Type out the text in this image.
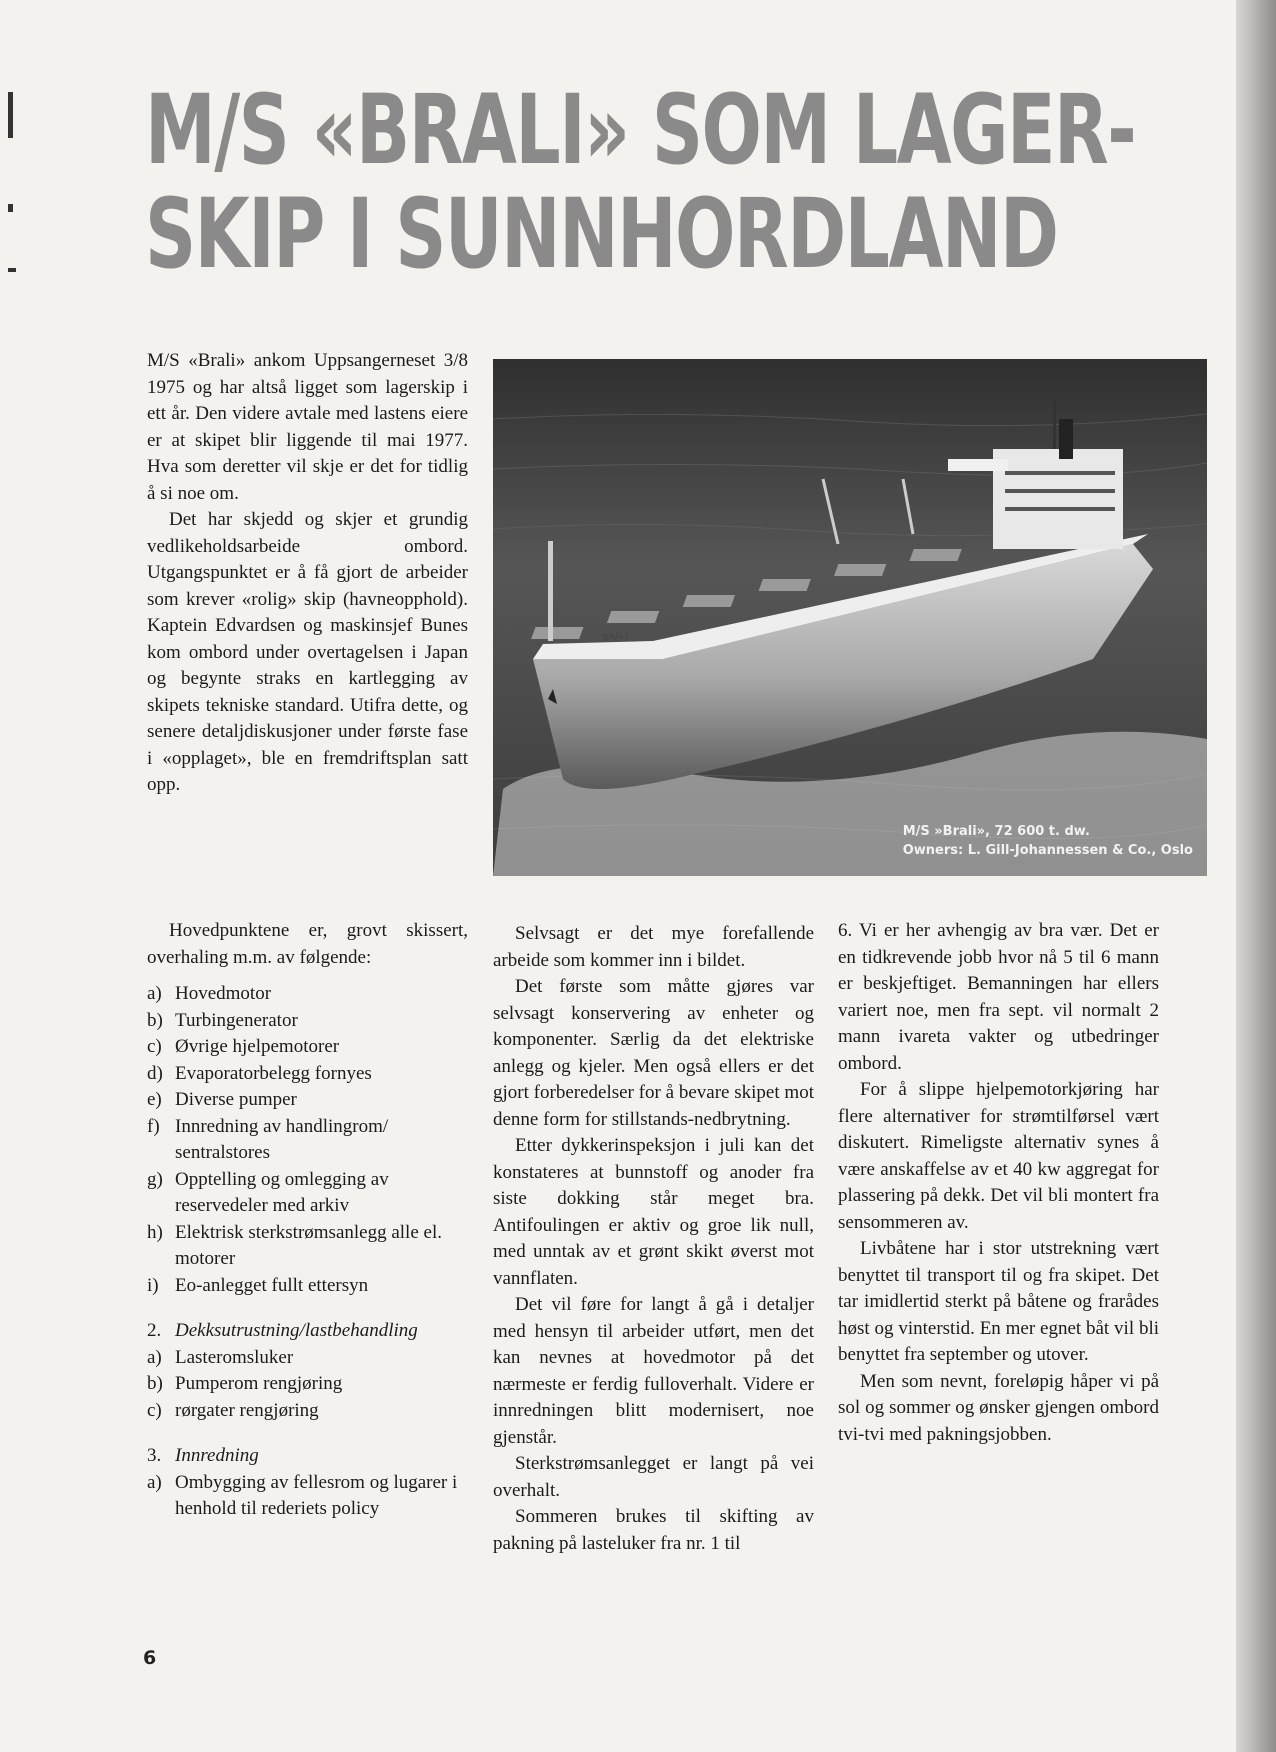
M/S «BRALI» SOM LAGER-
SKIP I SUNNHORDLAND

M/S «Brali» ankom Uppsangerneset 3/8 1975 og har altså ligget som lagerskip i ett år. Den videre avtale med lastens eiere er at skipet blir liggende til mai 1977. Hva som deretter vil skje er det for tidlig å si noe om.

Det har skjedd og skjer et grundig vedlikeholdsarbeide ombord. Utgangspunktet er å få gjort de arbeider som krever «rolig» skip (havneopphold). Kaptein Edvardsen og maskinsjef Bunes kom ombord under overtagelsen i Japan og begynte straks en kartlegging av skipets tekniske standard. Utifra dette, og senere detaljdiskusjoner under første fase i «opplaget», ble en fremdriftsplan satt opp.

BRALI
M/S »Brali», 72 600 t. dw.
Owners: L. Gill-Johannessen & Co., Oslo

Hovedpunktene er, grovt skissert, overhaling m.m. av følgende:

a) Hovedmotor
b) Turbingenerator
c) Øvrige hjelpemotorer
d) Evaporatorbelegg fornyes
e) Diverse pumper
f) Innredning av handlingrom/ sentralstores
g) Opptelling og omlegging av reservedeler med arkiv
h) Elektrisk sterkstrømsanlegg alle el. motorer
i) Eo-anlegget fullt ettersyn
2. Dekksutrustning/lastbehandling
a) Lasteromsluker
b) Pumperom rengjøring
c) rørgater rengjøring
3. Innredning
a) Ombygging av fellesrom og lugarer i henhold til rederiets policy

Selvsagt er det mye forefallende arbeide som kommer inn i bildet.

Det første som måtte gjøres var selvsagt konservering av enheter og komponenter. Særlig da det elektriske anlegg og kjeler. Men også ellers er det gjort forberedelser for å bevare skipet mot denne form for stillstands-nedbrytning.

Etter dykkerinspeksjon i juli kan det konstateres at bunnstoff og anoder fra siste dokking står meget bra. Antifoulingen er aktiv og groe lik null, med unntak av et grønt skikt øverst mot vannflaten.

Det vil føre for langt å gå i detaljer med hensyn til arbeider utført, men det kan nevnes at hovedmotor på det nærmeste er ferdig fulloverhalt. Videre er innredningen blitt modernisert, noe gjenstår.

Sterkstrømsanlegget er langt på vei overhalt.

Sommeren brukes til skifting av pakning på lasteluker fra nr. 1 til

6. Vi er her avhengig av bra vær. Det er en tidkrevende jobb hvor nå 5 til 6 mann er beskjeftiget. Bemanningen har ellers variert noe, men fra sept. vil normalt 2 mann ivareta vakter og utbedringer ombord.

For å slippe hjelpemotorkjøring har flere alternativer for strømtilførsel vært diskutert. Rimeligste alternativ synes å være anskaffelse av et 40 kw aggregat for plassering på dekk. Det vil bli montert fra sensommeren av.

Livbåtene har i stor utstrekning vært benyttet til transport til og fra skipet. Det tar imidlertid sterkt på båtene og frarådes høst og vinterstid. En mer egnet båt vil bli benyttet fra september og utover.

Men som nevnt, foreløpig håper vi på sol og sommer og ønsker gjengen ombord tvi-tvi med pakningsjobben.

6
